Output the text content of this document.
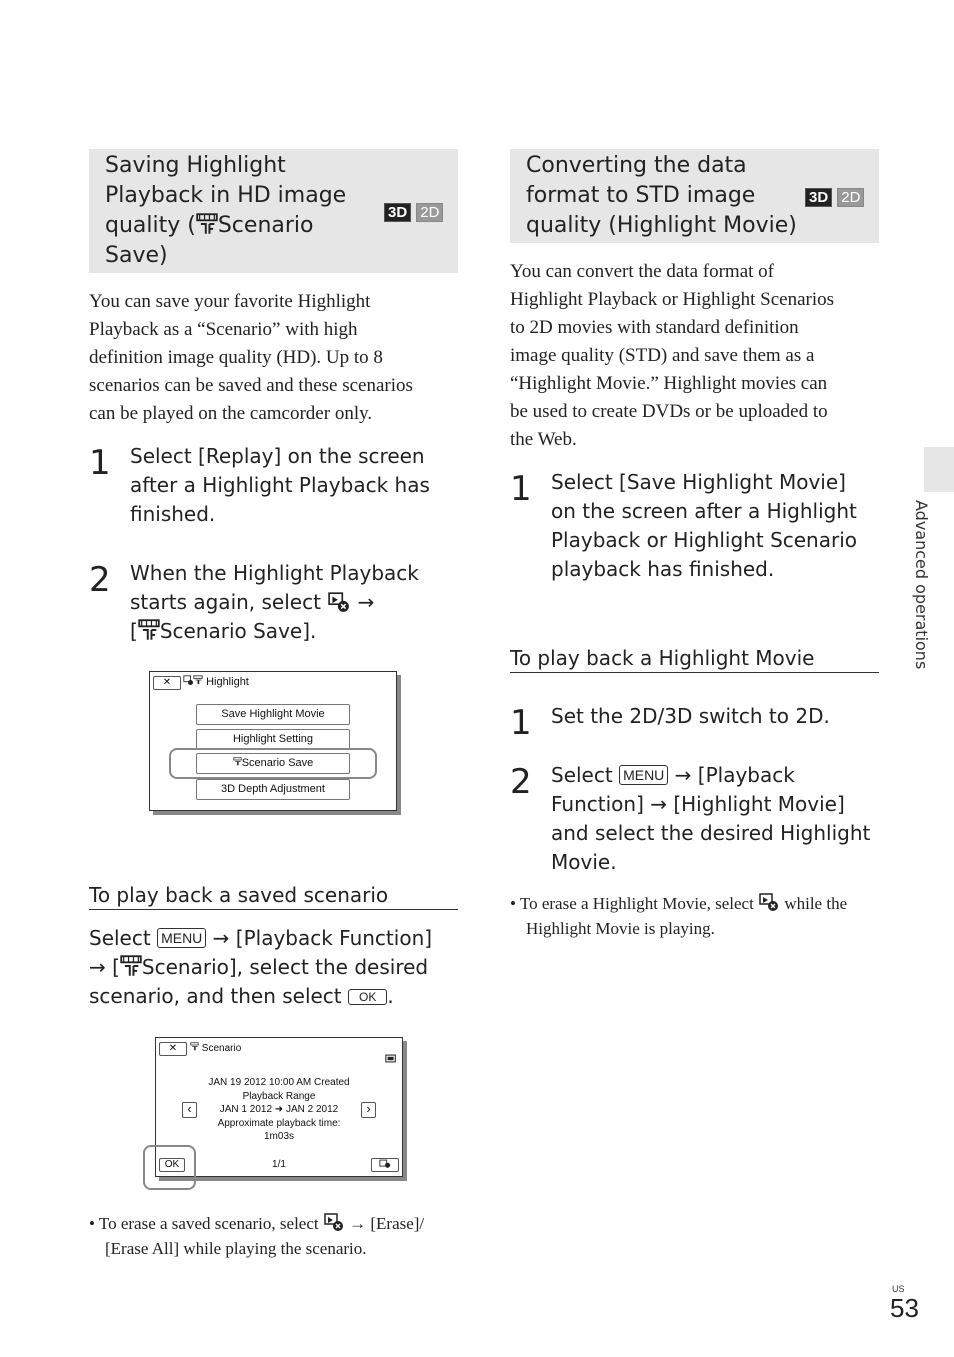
Saving Highlight
Playback in HD image
quality ( Scenario
Save)
3D 2D
You can save your favorite Highlight
Playback as a “Scenario” with high
definition image quality (HD). Up to 8
scenarios can be saved and these scenarios
can be played on the camcorder only.
1 Select [Replay] on the screen
after a Highlight Playback has
finished.
2 When the Highlight Playback
starts again, select →
[ Scenario Save].
✕	Highlight
Save Highlight Movie
Highlight Setting
Scenario Save
3D Depth Adjustment
To play back a saved scenario
Select MENU → [Playback Function]
→ [ Scenario], select the desired
scenario, and then select OK .
✕	Scenario
JAN 19 2012 10:00 AM Created
Playback Range
JAN 1 2012 ➜ JAN 2 2012
Approximate playback time:
1m03s
‹	›
OK	1/1
• To erase a saved scenario, select → [Erase]/
[Erase All] while playing the scenario.
Converting the data
format to STD image
quality (Highlight Movie)
3D 2D
You can convert the data format of
Highlight Playback or Highlight Scenarios
to 2D movies with standard definition
image quality (STD) and save them as a
“Highlight Movie.” Highlight movies can
be used to create DVDs or be uploaded to
the Web.
1 Select [Save Highlight Movie]
on the screen after a Highlight
Playback or Highlight Scenario
playback has finished.
To play back a Highlight Movie
1 Set the 2D/3D switch to 2D.
2 Select MENU → [Playback
Function] → [Highlight Movie]
and select the desired Highlight
Movie.
• To erase a Highlight Movie, select while the
Highlight Movie is playing.
Advanced operations
US
53
